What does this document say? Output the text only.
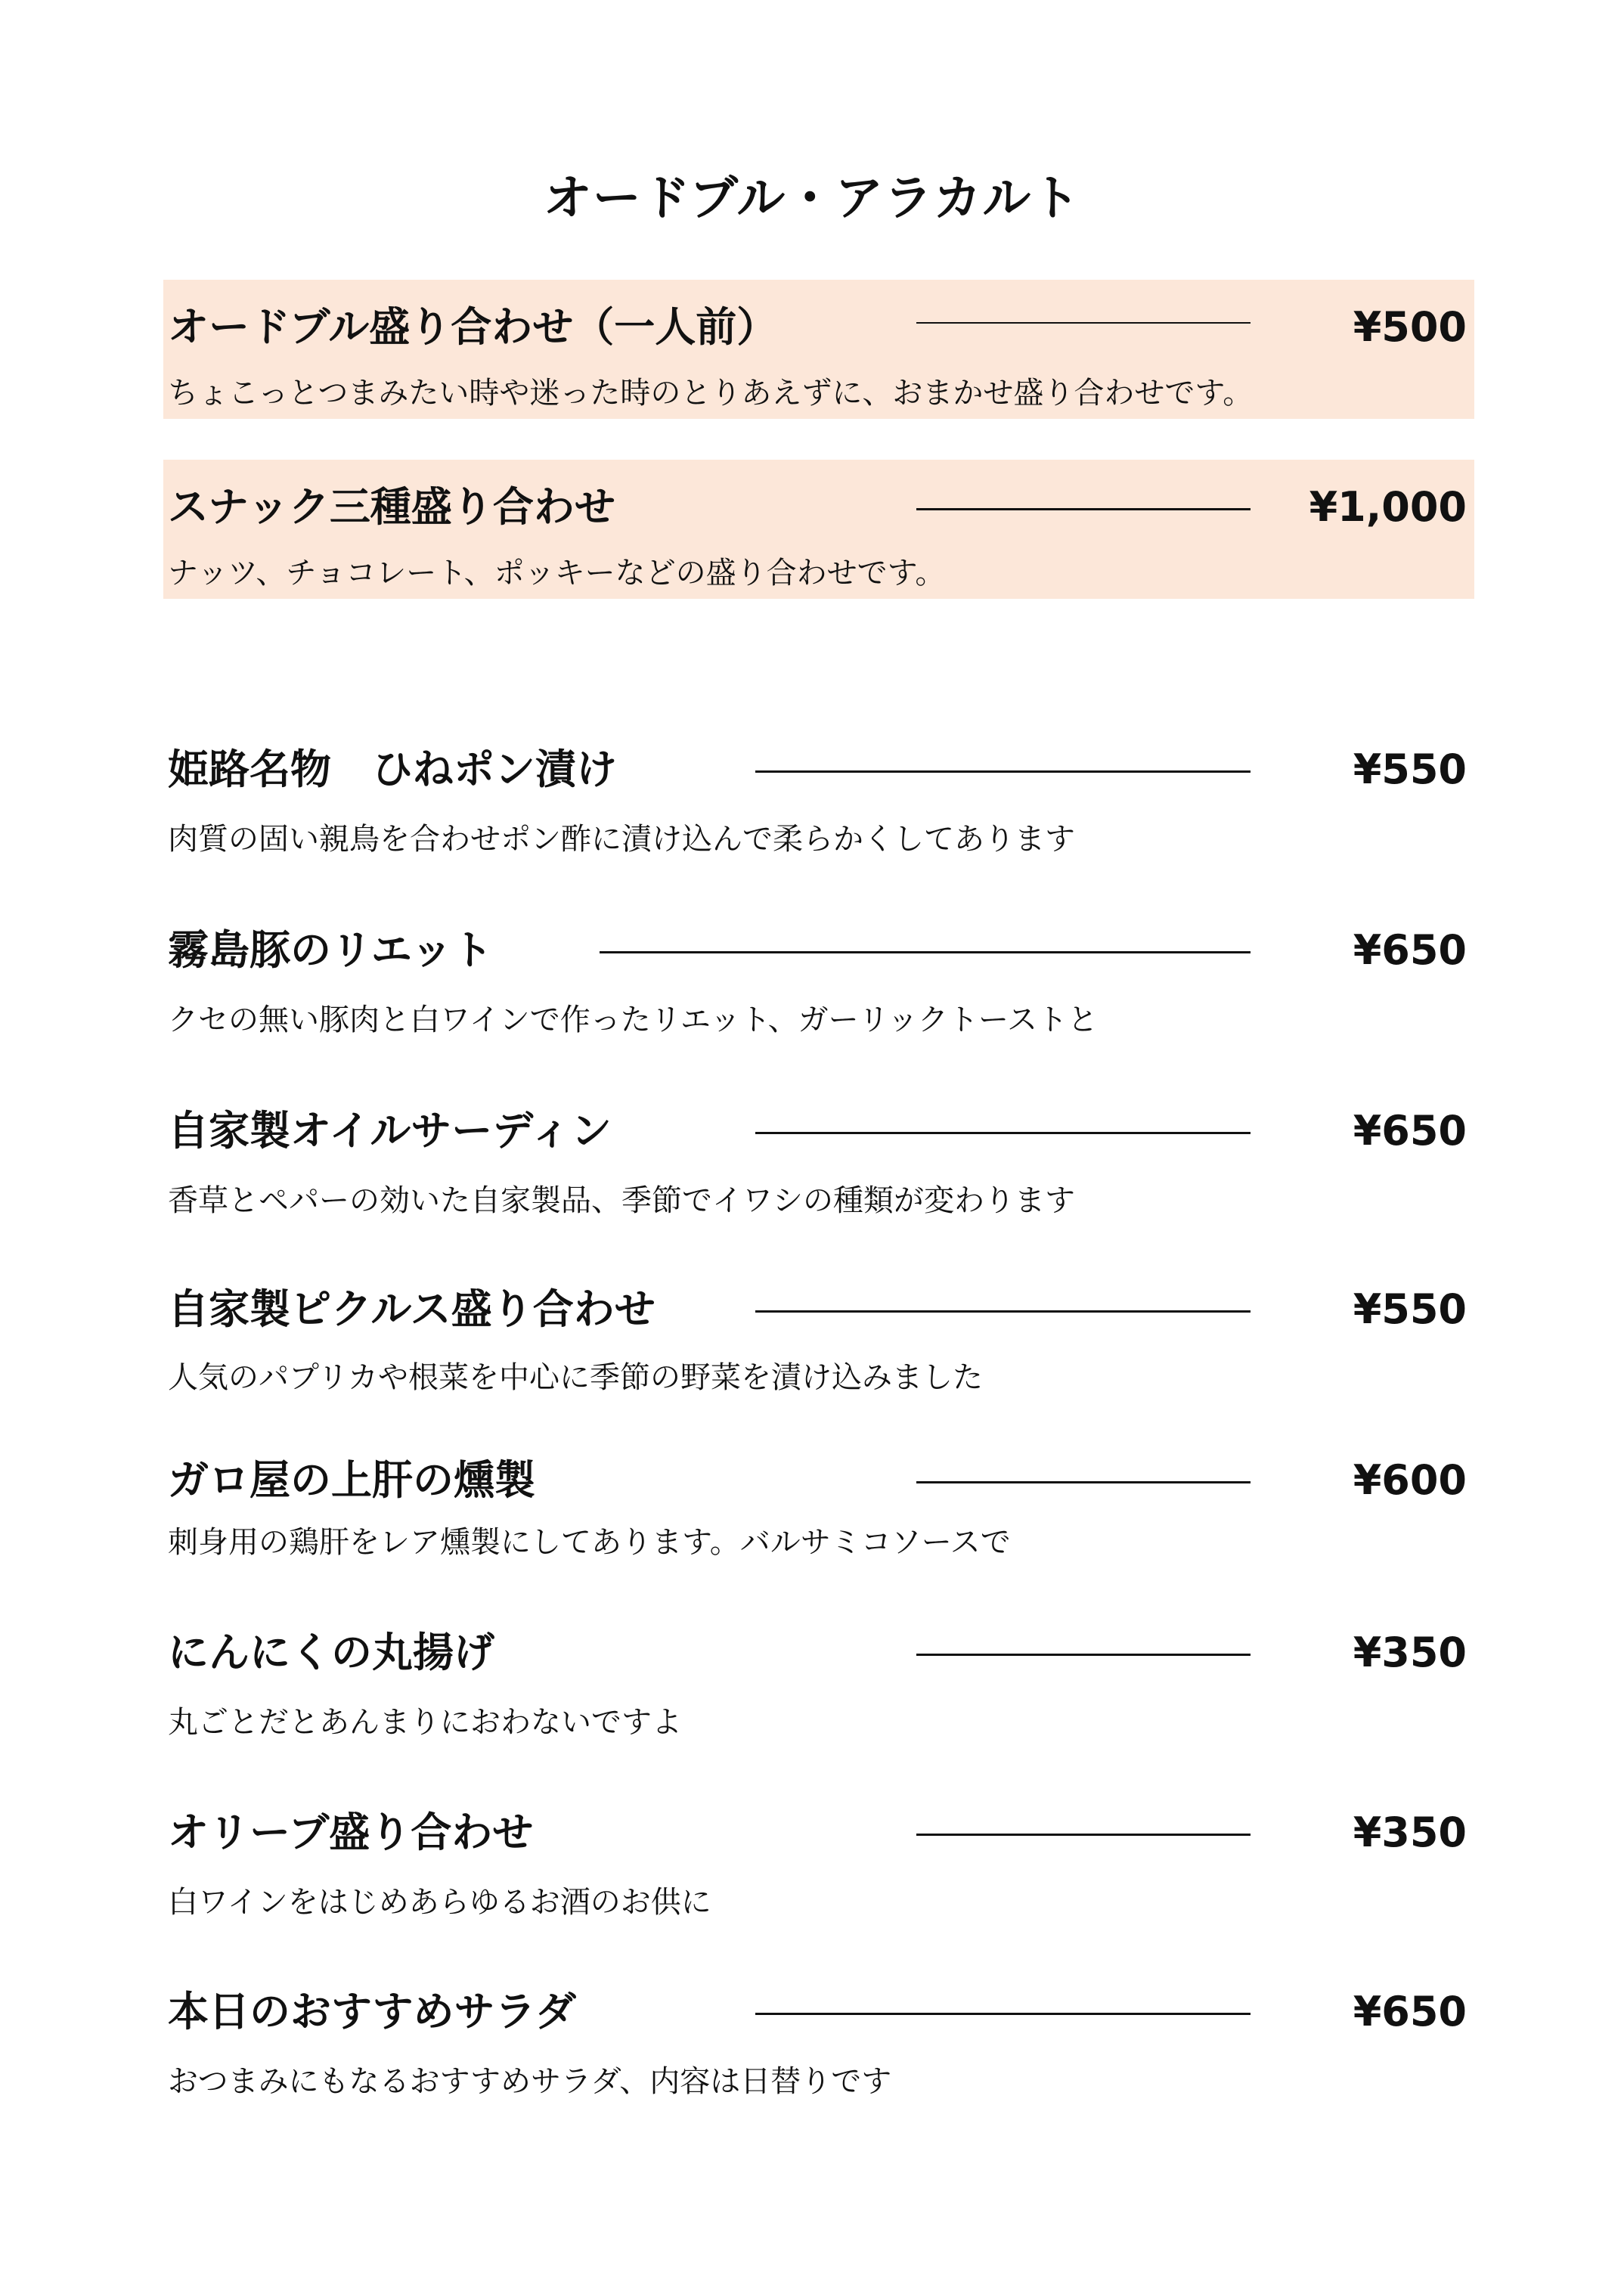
オードブル・アラカルト
オードブル盛り合わせ（一人前）	¥500
ちょこっとつまみたい時や迷った時のとりあえずに、おまかせ盛り合わせです。
スナック三種盛り合わせ	¥1,000
ナッツ、チョコレート、ポッキーなどの盛り合わせです。
姫路名物　ひねポン漬け	¥550
肉質の固い親鳥を合わせポン酢に漬け込んで柔らかくしてあります
霧島豚のリエット	¥650
クセの無い豚肉と白ワインで作ったリエット、ガーリックトーストと
自家製オイルサーディン	¥650
香草とペパーの効いた自家製品、季節でイワシの種類が変わります
自家製ピクルス盛り合わせ	¥550
人気のパプリカや根菜を中心に季節の野菜を漬け込みました
ガロ屋の上肝の燻製	¥600
刺身用の鶏肝をレア燻製にしてあります。バルサミコソースで
にんにくの丸揚げ	¥350
丸ごとだとあんまりにおわないですよ
オリーブ盛り合わせ	¥350
白ワインをはじめあらゆるお酒のお供に
本日のおすすめサラダ	¥650
おつまみにもなるおすすめサラダ、内容は日替りです
